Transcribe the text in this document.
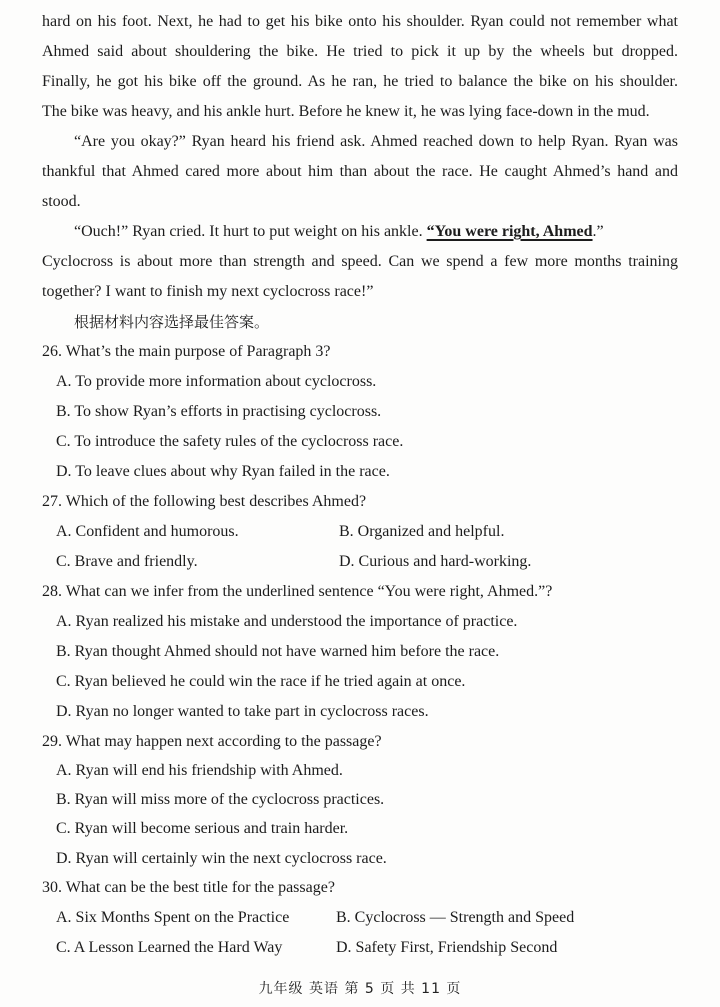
hard on his foot. Next, he had to get his bike onto his shoulder. Ryan could not remember what
Ahmed said about shouldering the bike. He tried to pick it up by the wheels but dropped.
Finally, he got his bike off the ground. As he ran, he tried to balance the bike on his shoulder.
The bike was heavy, and his ankle hurt. Before he knew it, he was lying face-down in the mud.
“Are you okay?” Ryan heard his friend ask. Ahmed reached down to help Ryan. Ryan was
thankful that Ahmed cared more about him than about the race. He caught Ahmed’s hand and
stood.
“Ouch!” Ryan cried. It hurt to put weight on his ankle. “You were right, Ahmed.”
Cyclocross is about more than strength and speed. Can we spend a few more months training
together? I want to finish my next cyclocross race!”
根据材料内容选择最佳答案。
26. What’s the main purpose of Paragraph 3?
A. To provide more information about cyclocross.
B. To show Ryan’s efforts in practising cyclocross.
C. To introduce the safety rules of the cyclocross race.
D. To leave clues about why Ryan failed in the race.
27. Which of the following best describes Ahmed?
A. Confident and humorous.	B. Organized and helpful.
C. Brave and friendly.	D. Curious and hard-working.
28. What can we infer from the underlined sentence “You were right, Ahmed.”?
A. Ryan realized his mistake and understood the importance of practice.
B. Ryan thought Ahmed should not have warned him before the race.
C. Ryan believed he could win the race if he tried again at once.
D. Ryan no longer wanted to take part in cyclocross races.
29. What may happen next according to the passage?
A. Ryan will end his friendship with Ahmed.
B. Ryan will miss more of the cyclocross practices.
C. Ryan will become serious and train harder.
D. Ryan will certainly win the next cyclocross race.
30. What can be the best title for the passage?
A. Six Months Spent on the Practice	B. Cyclocross — Strength and Speed
C. A Lesson Learned the Hard Way	D. Safety First, Friendship Second
九年级 英语 第 5 页 共 11 页
